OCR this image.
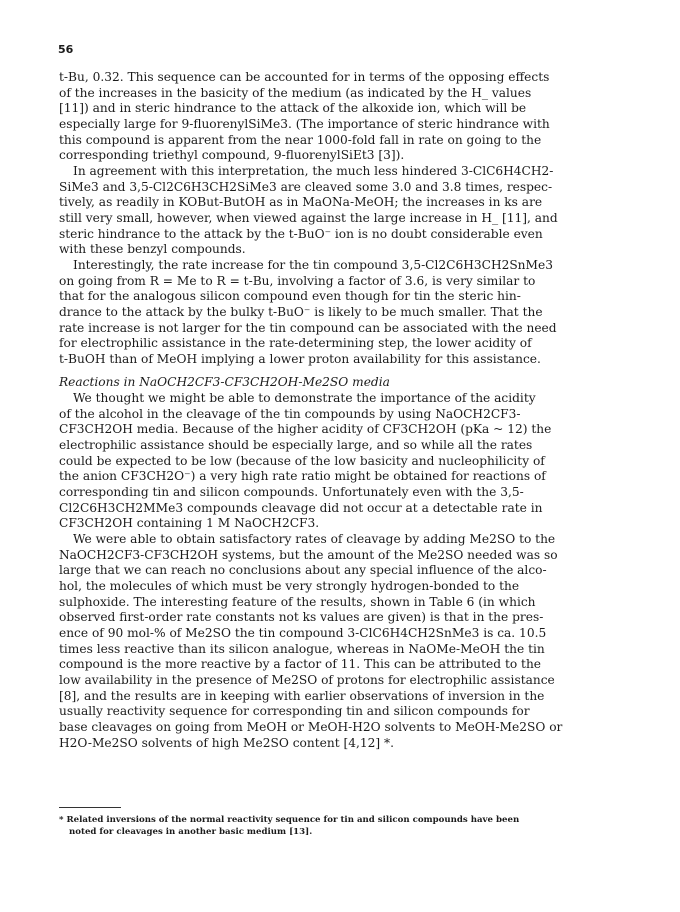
56
t-Bu, 0.32. This sequence can be accounted for in terms of the opposing effects
of the increases in the basicity of the medium (as indicated by the H_ values
[11]) and in steric hindrance to the attack of the alkoxide ion, which will be
especially large for 9-fluorenylSiMe3. (The importance of steric hindrance with
this compound is apparent from the near 1000-fold fall in rate on going to the
corresponding triethyl compound, 9-fluorenylSiEt3 [3]).
In agreement with this interpretation, the much less hindered 3-ClC6H4CH2-
SiMe3 and 3,5-Cl2C6H3CH2SiMe3 are cleaved some 3.0 and 3.8 times, respec-
tively, as readily in KOBut-ButOH as in MaONa-MeOH; the increases in ks are
still very small, however, when viewed against the large increase in H_ [11], and
steric hindrance to the attack by the t-BuO⁻ ion is no doubt considerable even
with these benzyl compounds.
Interestingly, the rate increase for the tin compound 3,5-Cl2C6H3CH2SnMe3
on going from R = Me to R = t-Bu, involving a factor of 3.6, is very similar to
that for the analogous silicon compound even though for tin the steric hin-
drance to the attack by the bulky t-BuO⁻ is likely to be much smaller. That the
rate increase is not larger for the tin compound can be associated with the need
for electrophilic assistance in the rate-determining step, the lower acidity of
t-BuOH than of MeOH implying a lower proton availability for this assistance.
Reactions in NaOCH2CF3-CF3CH2OH-Me2SO media
We thought we might be able to demonstrate the importance of the acidity
of the alcohol in the cleavage of the tin compounds by using NaOCH2CF3-
CF3CH2OH media. Because of the higher acidity of CF3CH2OH (pKa ~ 12) the
electrophilic assistance should be especially large, and so while all the rates
could be expected to be low (because of the low basicity and nucleophilicity of
the anion CF3CH2O⁻) a very high rate ratio might be obtained for reactions of
corresponding tin and silicon compounds. Unfortunately even with the 3,5-
Cl2C6H3CH2MMe3 compounds cleavage did not occur at a detectable rate in
CF3CH2OH containing 1 M NaOCH2CF3.
We were able to obtain satisfactory rates of cleavage by adding Me2SO to the
NaOCH2CF3-CF3CH2OH systems, but the amount of the Me2SO needed was so
large that we can reach no conclusions about any special influence of the alco-
hol, the molecules of which must be very strongly hydrogen-bonded to the
sulphoxide. The interesting feature of the results, shown in Table 6 (in which
observed first-order rate constants not ks values are given) is that in the pres-
ence of 90 mol-% of Me2SO the tin compound 3-ClC6H4CH2SnMe3 is ca. 10.5
times less reactive than its silicon analogue, whereas in NaOMe-MeOH the tin
compound is the more reactive by a factor of 11. This can be attributed to the
low availability in the presence of Me2SO of protons for electrophilic assistance
[8], and the results are in keeping with earlier observations of inversion in the
usually reactivity sequence for corresponding tin and silicon compounds for
base cleavages on going from MeOH or MeOH-H2O solvents to MeOH-Me2SO or
H2O-Me2SO solvents of high Me2SO content [4,12] *.
* Related inversions of the normal reactivity sequence for tin and silicon compounds have been
noted for cleavages in another basic medium [13].
